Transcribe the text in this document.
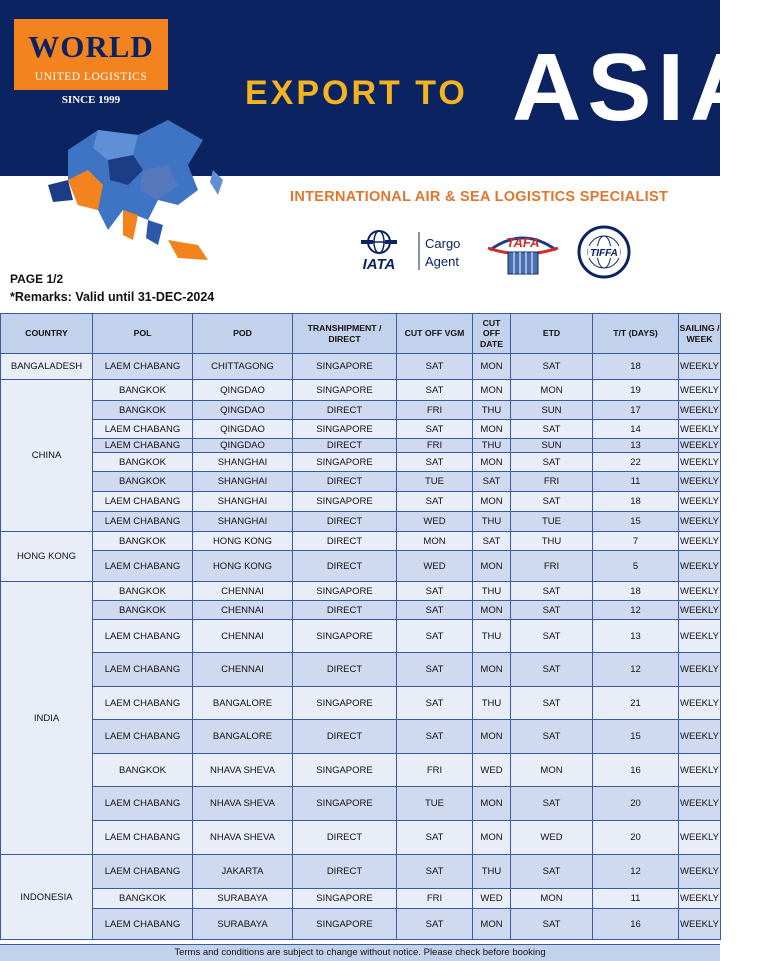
WORLD
UNITED LOGISTICS
SINCE 1999	EXPORT TO ASIA
INTERNATIONAL AIR & SEA LOGISTICS SPECIALIST
IATA
Cargo
Agent
TAFA
TIFFA
PAGE 1/2
*Remarks: Valid until 31-DEC-2024
COUNTRY	POL	POD	TRANSHIPMENT / DIRECT	CUT OFF VGM	CUT OFF DATE	ETD	T/T (DAYS)	SAILING / WEEK
BANGALADESH	LAEM CHABANG	CHITTAGONG	SINGAPORE	SAT	MON	SAT	18	WEEKLY
CHINA	BANGKOK	QINGDAO	SINGAPORE	SAT	MON	MON	19	WEEKLY
	BANGKOK	QINGDAO	DIRECT	FRI	THU	SUN	17	WEEKLY
	LAEM CHABANG	QINGDAO	SINGAPORE	SAT	MON	SAT	14	WEEKLY
	LAEM CHABANG	QINGDAO	DIRECT	FRI	THU	SUN	13	WEEKLY
	BANGKOK	SHANGHAI	SINGAPORE	SAT	MON	SAT	22	WEEKLY
	BANGKOK	SHANGHAI	DIRECT	TUE	SAT	FRI	11	WEEKLY
	LAEM CHABANG	SHANGHAI	SINGAPORE	SAT	MON	SAT	18	WEEKLY
	LAEM CHABANG	SHANGHAI	DIRECT	WED	THU	TUE	15	WEEKLY
HONG KONG	BANGKOK	HONG KONG	DIRECT	MON	SAT	THU	7	WEEKLY
	LAEM CHABANG	HONG KONG	DIRECT	WED	MON	FRI	5	WEEKLY
INDIA	BANGKOK	CHENNAI	SINGAPORE	SAT	THU	SAT	18	WEEKLY
	BANGKOK	CHENNAI	DIRECT	SAT	MON	SAT	12	WEEKLY
	LAEM CHABANG	CHENNAI	SINGAPORE	SAT	THU	SAT	13	WEEKLY
	LAEM CHABANG	CHENNAI	DIRECT	SAT	MON	SAT	12	WEEKLY
	LAEM CHABANG	BANGALORE	SINGAPORE	SAT	THU	SAT	21	WEEKLY
	LAEM CHABANG	BANGALORE	DIRECT	SAT	MON	SAT	15	WEEKLY
	BANGKOK	NHAVA SHEVA	SINGAPORE	FRI	WED	MON	16	WEEKLY
	LAEM CHABANG	NHAVA SHEVA	SINGAPORE	TUE	MON	SAT	20	WEEKLY
	LAEM CHABANG	NHAVA SHEVA	DIRECT	SAT	MON	WED	20	WEEKLY
INDONESIA	LAEM CHABANG	JAKARTA	DIRECT	SAT	THU	SAT	12	WEEKLY
	BANGKOK	SURABAYA	SINGAPORE	FRI	WED	MON	11	WEEKLY
	LAEM CHABANG	SURABAYA	SINGAPORE	SAT	MON	SAT	16	WEEKLY
Terms and conditions are subject to change without notice. Please check before booking
